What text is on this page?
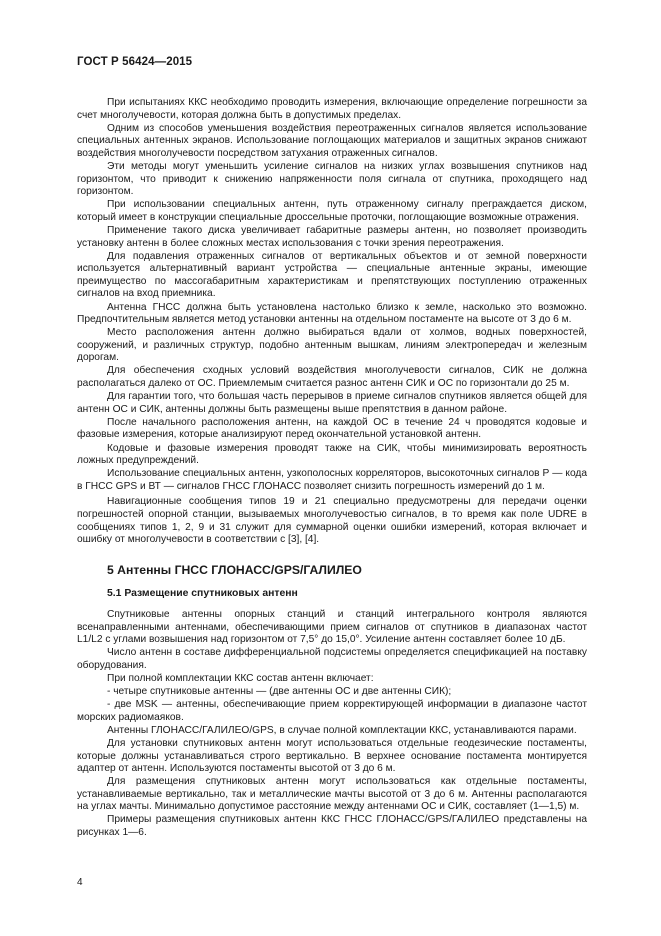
ГОСТ Р 56424—2015

При испытаниях ККС необходимо проводить измерения, включающие определение погрешности за счет многолучевости, которая должна быть в допустимых пределах.

Одним из способов уменьшения воздействия переотраженных сигналов является использование специальных антенных экранов. Использование поглощающих материалов и защитных экранов снижают воздействия многолучевости посредством затухания отраженных сигналов.

Эти методы могут уменьшить усиление сигналов на низких углах возвышения спутников над горизонтом, что приводит к снижению напряженности поля сигнала от спутника, проходящего над горизонтом.

При использовании специальных антенн, путь отраженному сигналу преграждается диском, который имеет в конструкции специальные дроссельные проточки, поглощающие возможные отражения.

Применение такого диска увеличивает габаритные размеры антенн, но позволяет производить установку антенн в более сложных местах использования с точки зрения переотражения.

Для подавления отраженных сигналов от вертикальных объектов и от земной поверхности используется альтернативный вариант устройства — специальные антенные экраны, имеющие преимущество по массогабаритным характеристикам и препятствующих поступлению отраженных сигналов на вход приемника.

Антенна ГНСС должна быть установлена настолько близко к земле, насколько это возможно. Предпочтительным является метод установки антенны на отдельном постаменте на высоте от 3 до 6 м.

Место расположения антенн должно выбираться вдали от холмов, водных поверхностей, сооружений, и различных структур, подобно антенным вышкам, линиям электропередач и железным дорогам.

Для обеспечения сходных условий воздействия многолучевости сигналов, СИК не должна располагаться далеко от ОС. Приемлемым считается разнос антенн СИК и ОС по горизонтали до 25 м.

Для гарантии того, что большая часть перерывов в приеме сигналов спутников является общей для антенн ОС и СИК, антенны должны быть размещены выше препятствия в данном районе.

После начального расположения антенн, на каждой ОС в течение 24 ч проводятся кодовые и фазовые измерения, которые анализируют перед окончательной установкой антенн.

Кодовые и фазовые измерения проводят также на СИК, чтобы минимизировать вероятность ложных предупреждений.

Использование специальных антенн, узкополосных корреляторов, высокоточных сигналов Р — кода в ГНСС GPS и ВТ — сигналов ГНСС ГЛОНАСС позволяет снизить погрешность измерений до 1 м.

Навигационные сообщения типов 19 и 21 специально предусмотрены для передачи оценки погрешностей опорной станции, вызываемых многолучевостью сигналов, в то время как поле UDRE в сообщениях типов 1, 2, 9 и 31 служит для суммарной оценки ошибки измерений, которая включает и ошибку от многолучевости в соответствии с [3], [4].

5 Антенны ГНСС ГЛОНАСС/GPS/ГАЛИЛЕО
5.1 Размещение спутниковых антенн

Спутниковые антенны опорных станций и станций интегрального контроля являются всенаправленными антеннами, обеспечивающими прием сигналов от спутников в диапазонах частот L1/L2 с углами возвышения над горизонтом от 7,5° до 15,0°. Усиление антенн составляет более 10 дБ.

Число антенн в составе дифференциальной подсистемы определяется спецификацией на поставку оборудования.

При полной комплектации ККС состав антенн включает:

- четыре спутниковые антенны — (две антенны ОС и две антенны СИК);

- две MSK — антенны, обеспечивающие прием корректирующей информации в диапазоне частот морских радиомаяков.

Антенны ГЛОНАСС/ГАЛИЛЕО/GPS, в случае полной комплектации ККС, устанавливаются парами.

Для установки спутниковых антенн могут использоваться отдельные геодезические постаменты, которые должны устанавливаться строго вертикально. В верхнее основание постамента монтируется адаптер от антенн. Используются постаменты высотой от 3 до 6 м.

Для размещения спутниковых антенн могут использоваться как отдельные постаменты, устанавливаемые вертикально, так и металлические мачты высотой от 3 до 6 м. Антенны располагаются на углах мачты. Минимально допустимое расстояние между антеннами ОС и СИК, составляет (1—1,5) м.

Примеры размещения спутниковых антенн ККС ГНСС ГЛОНАСС/GPS/ГАЛИЛЕО представлены на рисунках 1—6.

4
